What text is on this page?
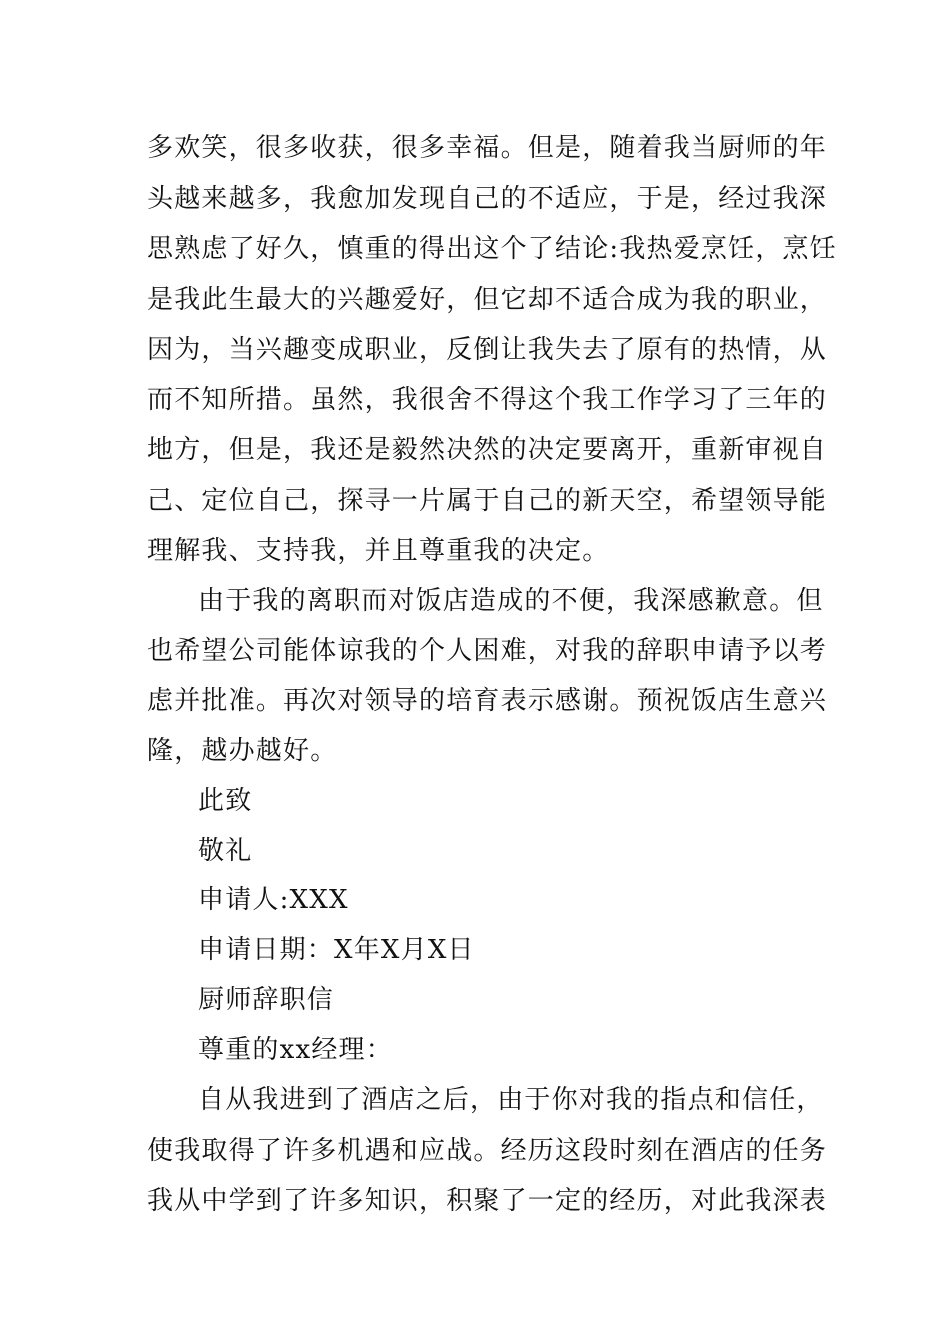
多欢笑，很多收获，很多幸福。但是，随着我当厨师的年
头越来越多，我愈加发现自己的不适应，于是，经过我深
思熟虑了好久，慎重的得出这个了结论:我热爱烹饪，烹饪
是我此生最大的兴趣爱好，但它却不适合成为我的职业，
因为，当兴趣变成职业，反倒让我失去了原有的热情，从
而不知所措。虽然，我很舍不得这个我工作学习了三年的
地方，但是，我还是毅然决然的决定要离开，重新审视自
己、定位自己，探寻一片属于自己的新天空，希望领导能
理解我、支持我，并且尊重我的决定。
由于我的离职而对饭店造成的不便，我深感歉意。但
也希望公司能体谅我的个人困难，对我的辞职申请予以考
虑并批准。再次对领导的培育表示感谢。预祝饭店生意兴
隆，越办越好。
此致
敬礼
申请人:XXX
申请日期：X年X月X日
厨师辞职信
尊重的xx经理：
自从我进到了酒店之后，由于你对我的指点和信任，
使我取得了许多机遇和应战。经历这段时刻在酒店的任务
我从中学到了许多知识，积聚了一定的经历，对此我深表
